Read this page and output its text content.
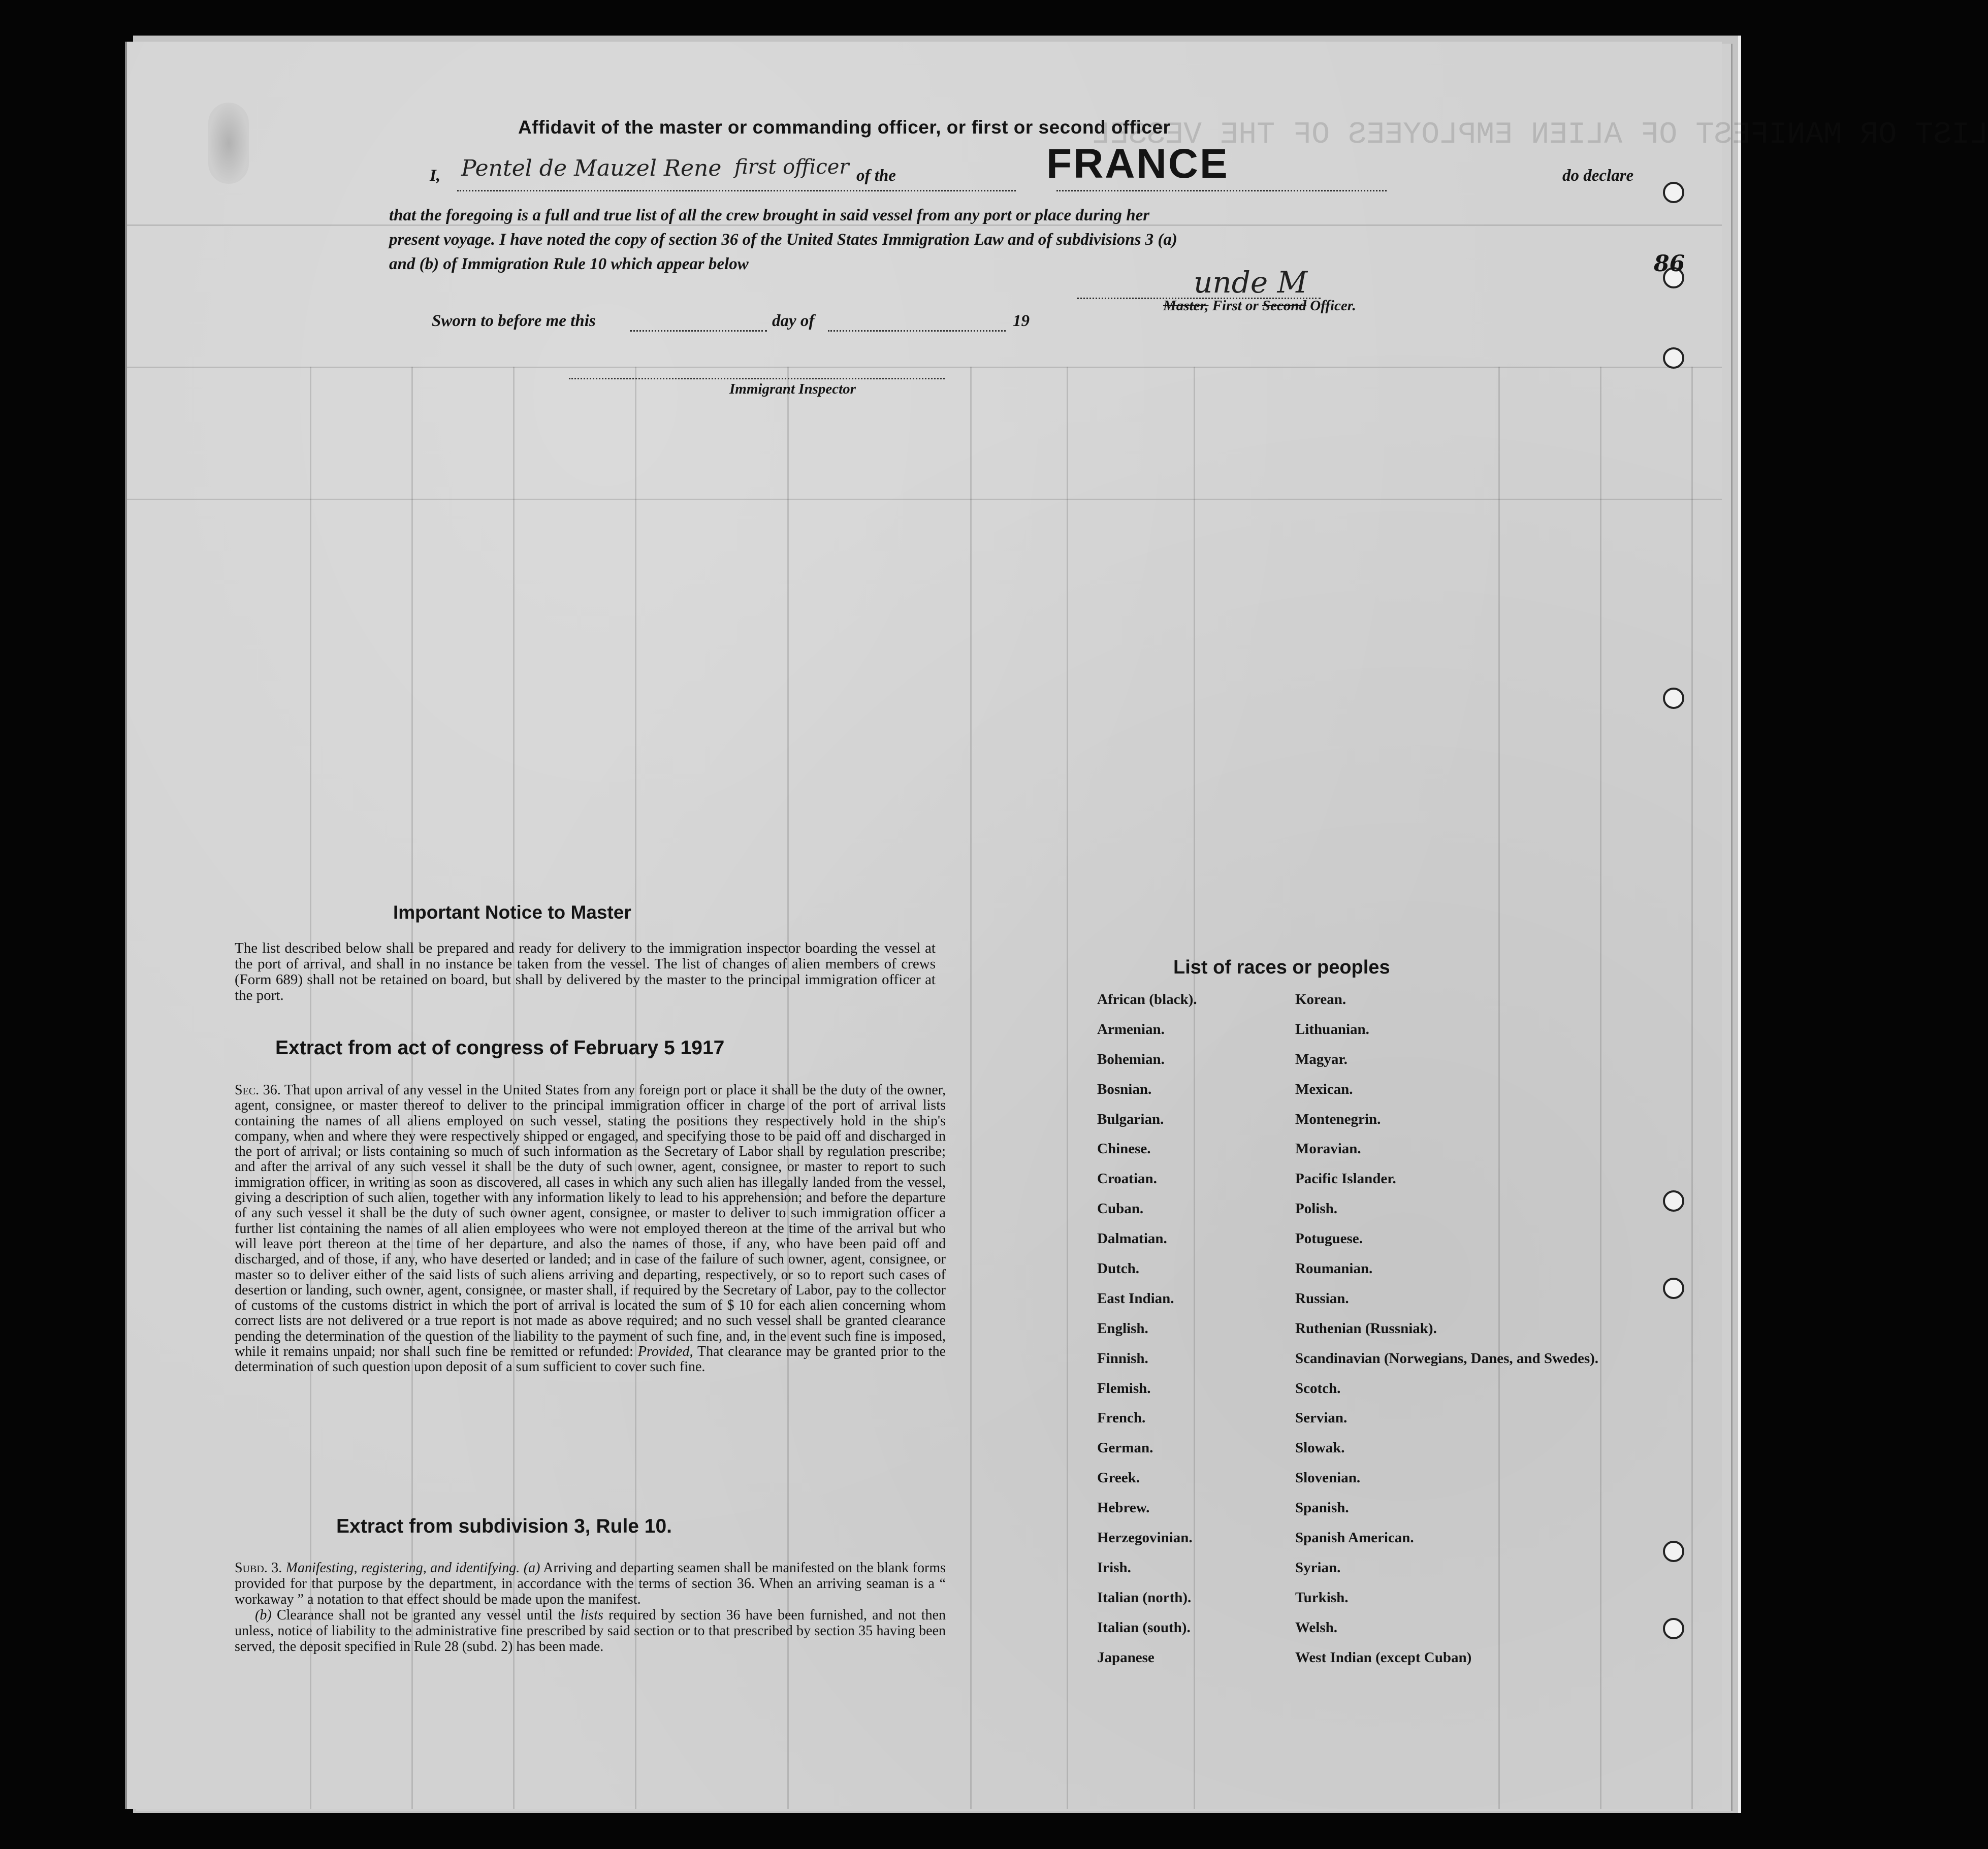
LIST OR MANIFEST OF ALIEN EMPLOYEES OF THE VESSEL
86
Affidavit of the master or commanding officer, or first or second officer
I, Pentel de Mauzel Rene first officer of the	FRANCE	do declare
that the foregoing is a full and true list of all the crew brought in said vessel from any port or place during her
present voyage. I have noted the copy of section 36 of the United States Immigration Law and of subdivisions 3 (a)
and (b) of Immigration Rule 10 which appear below
Sworn to before me this	day of	19
unde M
Master, First or Second Officer.
Immigrant Inspector
Important Notice to Master
The list described below shall be prepared and ready for delivery to the immigration inspector boarding the vessel at the port of arrival, and shall in no instance be taken from the vessel. The list of changes of alien members of crews (Form 689) shall not be retained on board, but shall by delivered by the master to the principal immigration officer at the port.
Extract from act of congress of February 5 1917
Sec. 36. That upon arrival of any vessel in the United States from any foreign port or place it shall be the duty of the owner, agent, consignee, or master thereof to deliver to the principal immigration officer in charge of the port of arrival lists containing the names of all aliens employed on such vessel, stating the positions they respectively hold in the ship's company, when and where they were respectively shipped or engaged, and specifying those to be paid off and discharged in the port of arrival; or lists containing so much of such information as the Secretary of Labor shall by regulation prescribe; and after the arrival of any such vessel it shall be the duty of such owner, agent, consignee, or master to report to such immigration officer, in writing as soon as discovered, all cases in which any such alien has illegally landed from the vessel, giving a description of such alien, together with any information likely to lead to his apprehension; and before the departure of any such vessel it shall be the duty of such owner agent, consignee, or master to deliver to such immigration officer a further list containing the names of all alien employees who were not employed thereon at the time of the arrival but who will leave port thereon at the time of her departure, and also the names of those, if any, who have been paid off and discharged, and of those, if any, who have deserted or landed; and in case of the failure of such owner, agent, consignee, or master so to deliver either of the said lists of such aliens arriving and departing, respectively, or so to report such cases of desertion or landing, such owner, agent, consignee, or master shall, if required by the Secretary of Labor, pay to the collector of customs of the customs district in which the port of arrival is located the sum of $ 10 for each alien concerning whom correct lists are not delivered or a true report is not made as above required; and no such vessel shall be granted clearance pending the determination of the question of the liability to the payment of such fine, and, in the event such fine is imposed, while it remains unpaid; nor shall such fine be remitted or refunded: Provided, That clearance may be granted prior to the determination of such question upon deposit of a sum sufficient to cover such fine.
Extract from subdivision 3, Rule 10.
Subd. 3. Manifesting, registering, and identifying. (a) Arriving and departing seamen shall be manifested on the blank forms provided for that purpose by the department, in accordance with the terms of section 36. When an arriving seaman is a “ workaway ” a notation to that effect should be made upon the manifest.
(b) Clearance shall not be granted any vessel until the lists required by section 36 have been furnished, and not then unless, notice of liability to the administrative fine prescribed by said section or to that prescribed by section 35 having been served, the deposit specified in Rule 28 (subd. 2) has been made.
List of races or peoples
African (black).
Armenian.
Bohemian.
Bosnian.
Bulgarian.
Chinese.
Croatian.
Cuban.
Dalmatian.
Dutch.
East Indian.
English.
Finnish.
Flemish.
French.
German.
Greek.
Hebrew.
Herzegovinian.
Irish.
Italian (north).
Italian (south).
Japanese
Korean.
Lithuanian.
Magyar.
Mexican.
Montenegrin.
Moravian.
Pacific Islander.
Polish.
Potuguese.
Roumanian.
Russian.
Ruthenian (Russniak).
Scandinavian (Norwegians, Danes, and Swedes).
Scotch.
Servian.
Slowak.
Slovenian.
Spanish.
Spanish American.
Syrian.
Turkish.
Welsh.
West Indian (except Cuban)
